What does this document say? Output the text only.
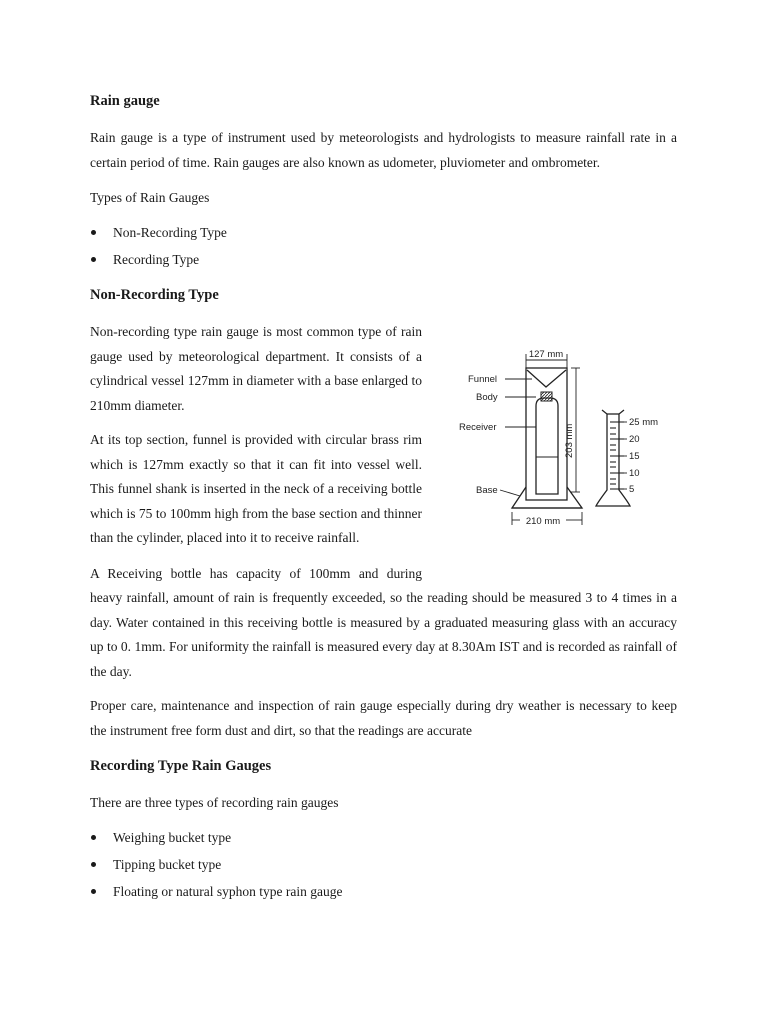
Rain gauge

Rain gauge is a type of instrument used by meteorologists and hydrologists to measure rainfall rate in a certain period of time. Rain gauges are also known as udometer, pluviometer and ombrometer.

Types of Rain Gauges

Non-Recording Type
Recording Type
Non-Recording Type

Non-recording type rain gauge is most common type of rain gauge used by meteorological department. It consists of a cylindrical vessel 127mm in diameter with a base enlarged to 210mm diameter.

At its top section, funnel is provided with circular brass rim which is 127mm exactly so that it can fit into vessel well. This funnel shank is inserted in the neck of a receiving bottle which is 75 to 100mm high from the base section and thinner than the cylinder, placed into it to receive rainfall.

A Receiving bottle has capacity of 100mm and during

heavy rainfall, amount of rain is frequently exceeded, so the reading should be measured 3 to 4 times in a day. Water contained in this receiving bottle is measured by a graduated measuring glass with an accuracy up to 0. 1mm. For uniformity the rainfall is measured every day at 8.30Am IST and is recorded as rainfall of the day.

Proper care, maintenance and inspection of rain gauge especially during dry weather is necessary to keep the instrument free form dust and dirt, so that the readings are accurate

127 mm
Funnel
Body
Receiver
Base
210 mm
203 mm
25 mm
20
15
10
5
Recording Type Rain Gauges

There are three types of recording rain gauges

Weighing bucket type
Tipping bucket type
Floating or natural syphon type rain gauge
